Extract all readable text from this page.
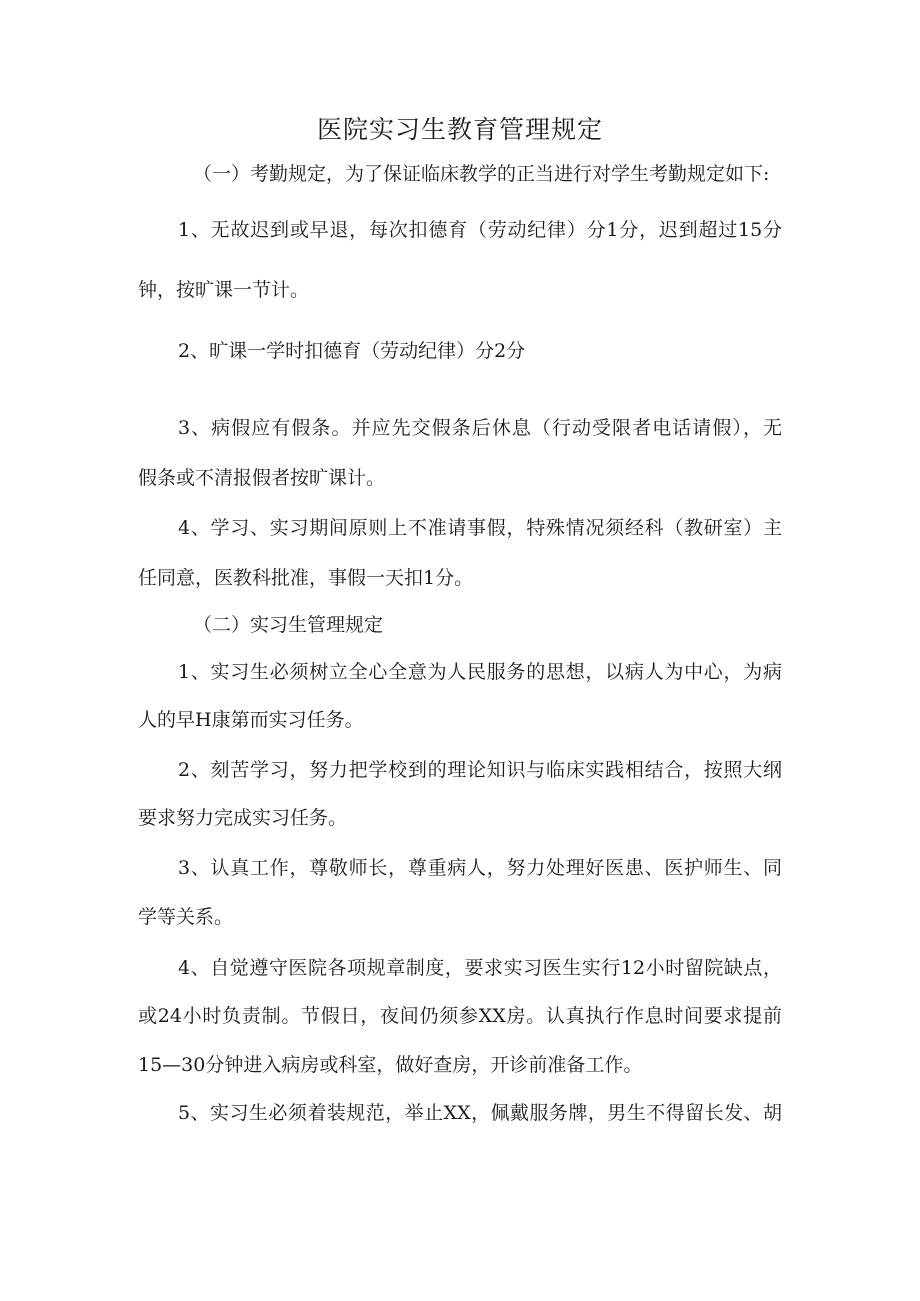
医院实习生教育管理规定
（一）考勤规定，为了保证临床教学的正当进行对学生考勤规定如下:
1、无故迟到或早退，每次扣德育（劳动纪律）分1分，迟到超过15分
钟，按旷课一节计。
2、旷课一学时扣德育（劳动纪律）分2分
3、病假应有假条。并应先交假条后休息（行动受限者电话请假），无
假条或不清报假者按旷课计。
4、学习、实习期间原则上不准请事假，特殊情况须经科（教研室）主
任同意，医教科批准，事假一天扣1分。
（二）实习生管理规定
1、实习生必须树立全心全意为人民服务的思想，以病人为中心，为病
人的早H康第而实习任务。
2、刻苦学习，努力把学校到的理论知识与临床实践相结合，按照大纲
要求努力完成实习任务。
3、认真工作，尊敬师长，尊重病人，努力处理好医患、医护师生、同
学等关系。
4、自觉遵守医院各项规章制度，要求实习医生实行12小时留院缺点，
或24小时负责制。节假日，夜间仍须参XX房。认真执行作息时间要求提前
15—30分钟进入病房或科室，做好查房，开诊前准备工作。
5、实习生必须着装规范，举止XX，佩戴服务牌，男生不得留长发、胡
